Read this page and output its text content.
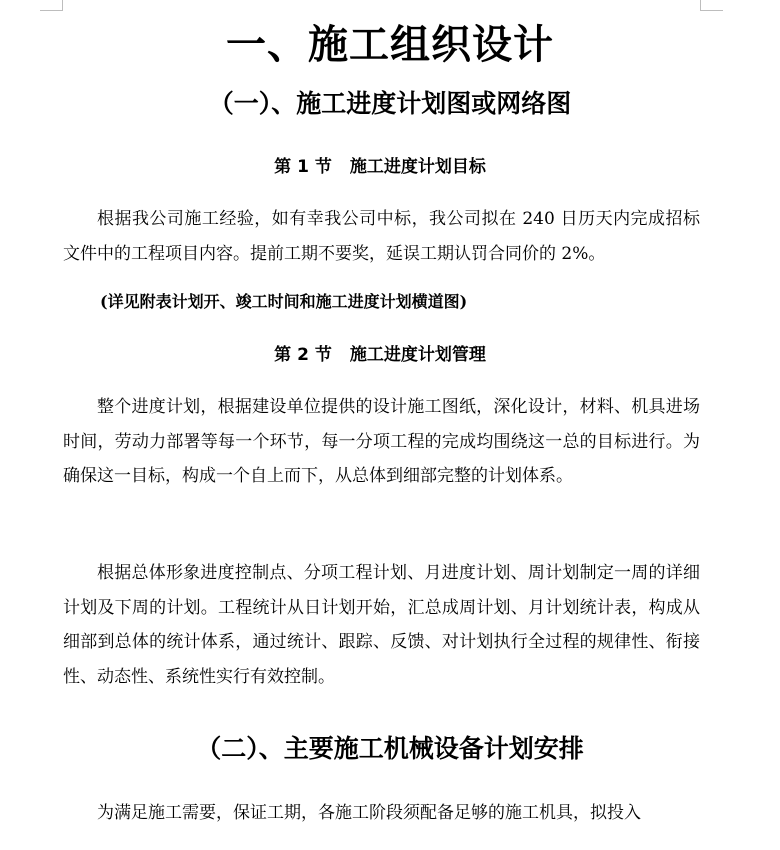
一、施工组织设计
（一）、施工进度计划图或网络图
第 1 节 施工进度计划目标
根据我公司施工经验，如有幸我公司中标，我公司拟在 240 日历天内完成招标文件中的工程项目内容。提前工期不要奖，延误工期认罚合同价的 2%。
(详见附表计划开、竣工时间和施工进度计划横道图)
第 2 节 施工进度计划管理
整个进度计划，根据建设单位提供的设计施工图纸，深化设计，材料、机具进场时间，劳动力部署等每一个环节，每一分项工程的完成均围绕这一总的目标进行。为确保这一目标，构成一个自上而下，从总体到细部完整的计划体系。
根据总体形象进度控制点、分项工程计划、月进度计划、周计划制定一周的详细计划及下周的计划。工程统计从日计划开始，汇总成周计划、月计划统计表，构成从细部到总体的统计体系，通过统计、跟踪、反馈、对计划执行全过程的规律性、衔接性、动态性、系统性实行有效控制。
（二）、主要施工机械设备计划安排
为满足施工需要，保证工期，各施工阶段须配备足够的施工机具，拟投入
